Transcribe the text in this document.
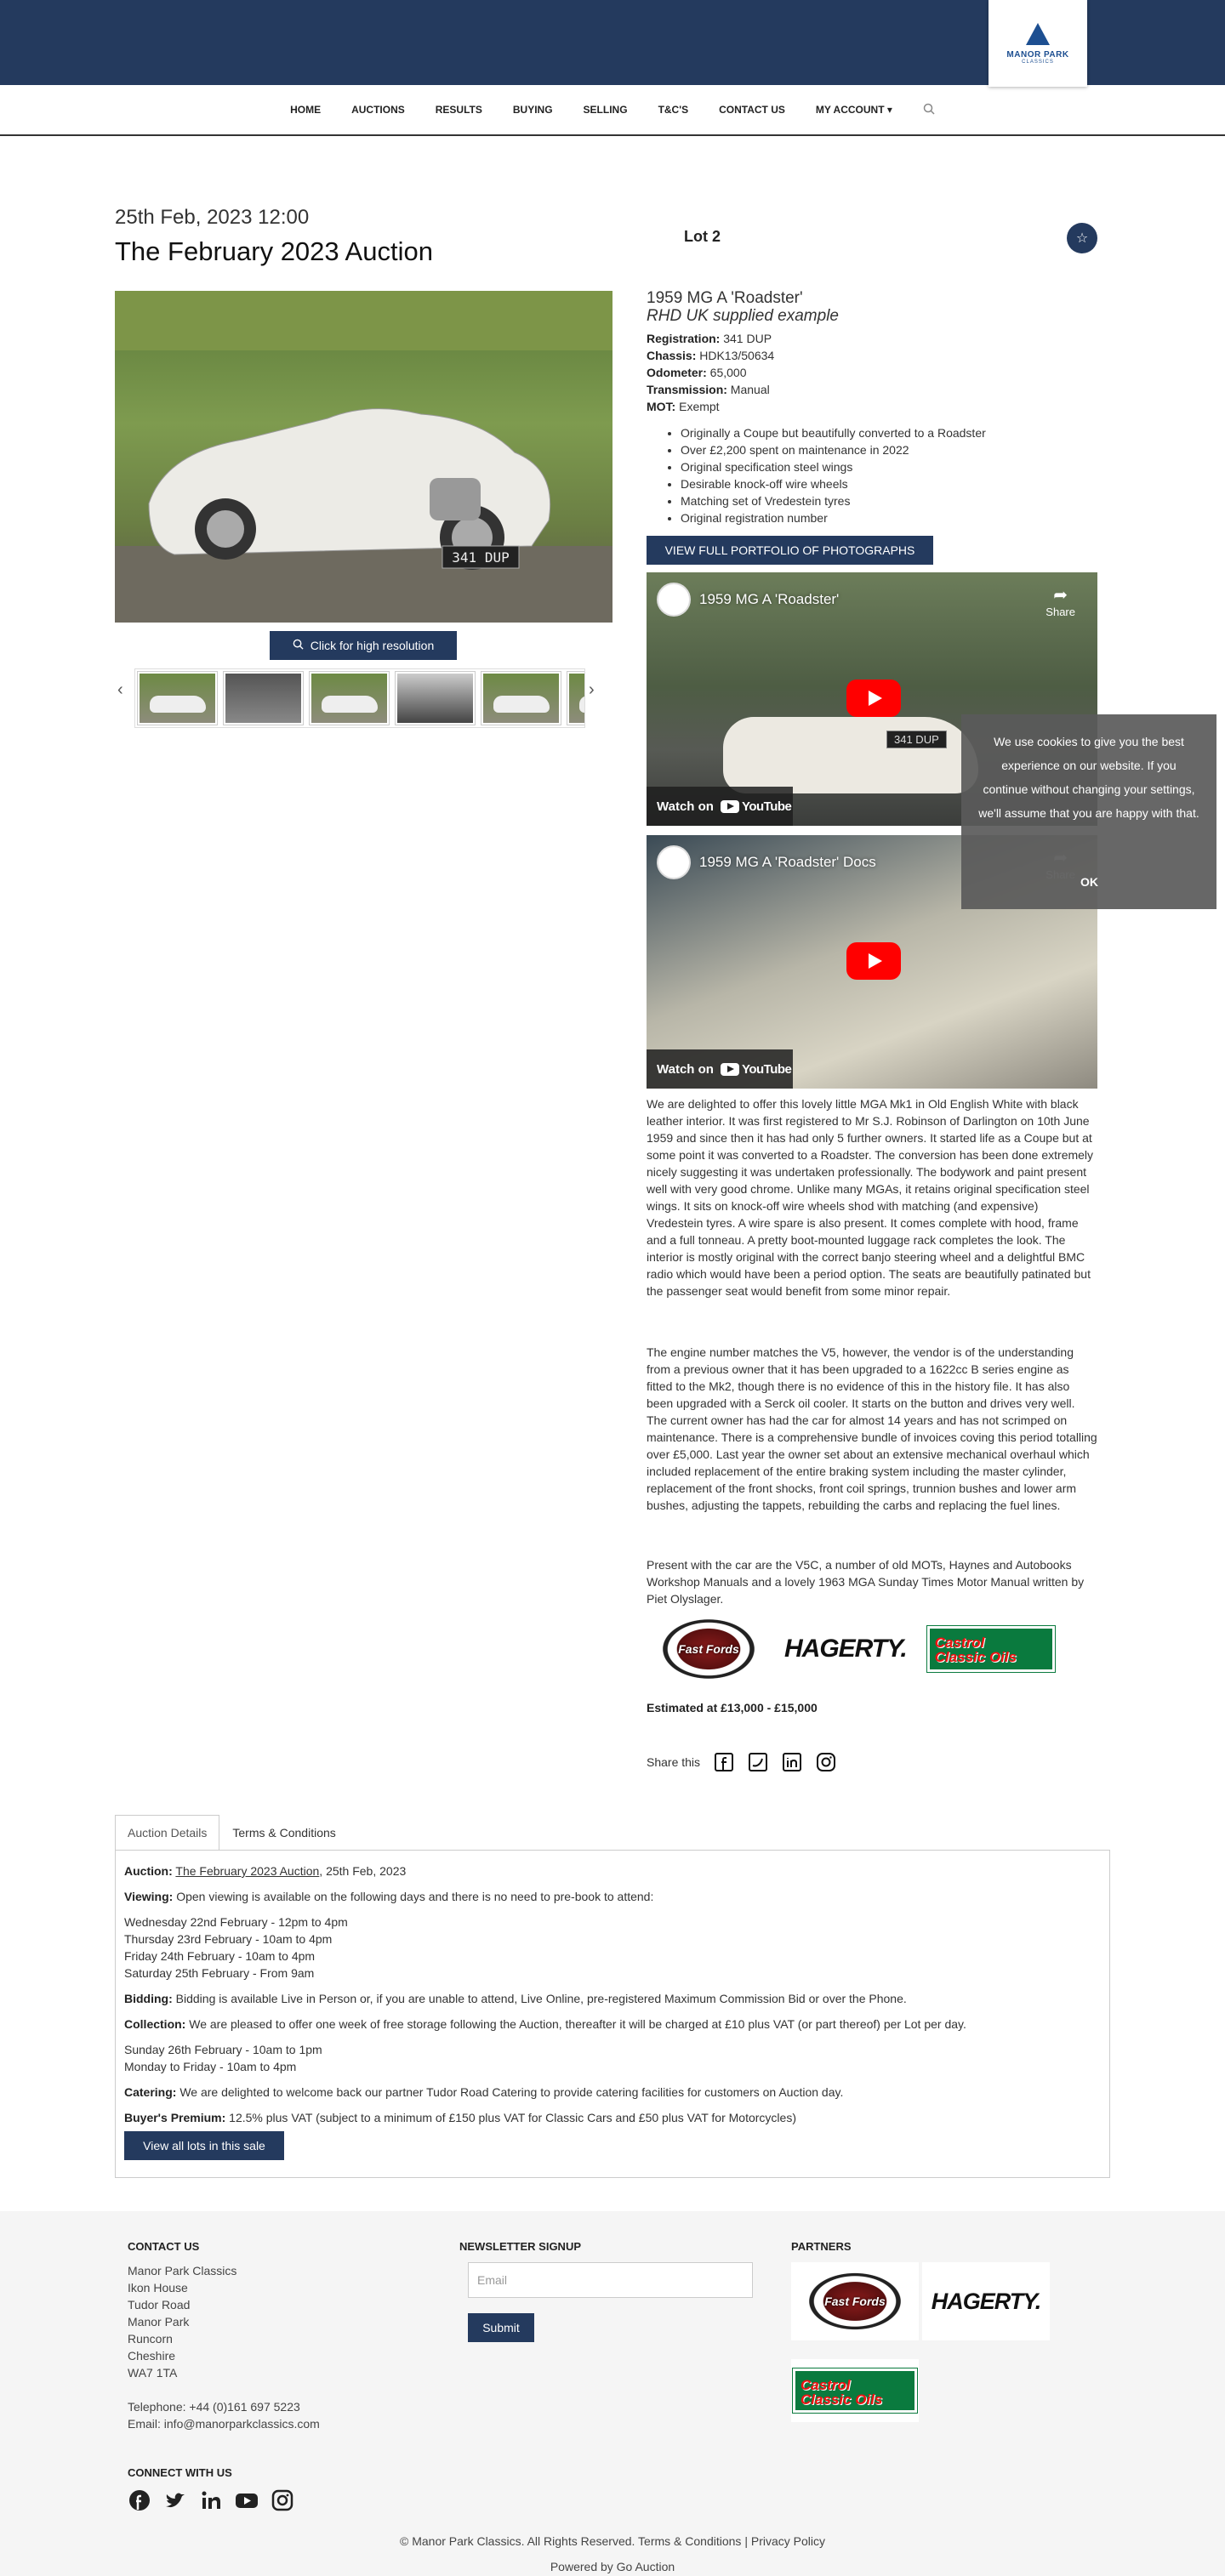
MANOR PARK
CLASSICS
HOME	AUCTIONS	RESULTS	BUYING	SELLING	T&C'S	CONTACT US	MY ACCOUNT ▾
25th Feb, 2023 12:00
The February 2023 Auction	Lot 2	☆
341 DUP
Click for high resolution
‹	›
1959 MG A 'Roadster'
RHD UK supplied example
Registration: 341 DUP
Chassis: HDK13/50634
Odometer: 65,000
Transmission: Manual
MOT: Exempt
• Originally a Coupe but beautifully converted to a Roadster
• Over £2,200 spent on maintenance in 2022
• Original specification steel wings
• Desirable knock-off wire wheels
• Matching set of Vredestein tyres
• Original registration number
VIEW FULL PORTFOLIO OF PHOTOGRAPHS
341 DUP
1959 MG A 'Roadster'	➦
Share
Watch on YouTube
1959 MG A 'Roadster' Docs
Watch on YouTube

We are delighted to offer this lovely little MGA Mk1 in Old English White with black leather interior. It was first registered to Mr S.J. Robinson of Darlington on 10th June 1959 and since then it has had only 5 further owners. It started life as a Coupe but at some point it was converted to a Roadster. The conversion has been done extremely nicely suggesting it was undertaken professionally. The bodywork and paint present well with very good chrome. Unlike many MGAs, it retains original specification steel wings. It sits on knock-off wire wheels shod with matching (and expensive) Vredestein tyres. A wire spare is also present. It comes complete with hood, frame and a full tonneau. A pretty boot-mounted luggage rack completes the look. The interior is mostly original with the correct banjo steering wheel and a delightful BMC radio which would have been a period option. The seats are beautifully patinated but the passenger seat would benefit from some minor repair.

The engine number matches the V5, however, the vendor is of the understanding from a previous owner that it has been upgraded to a 1622cc B series engine as fitted to the Mk2, though there is no evidence of this in the history file. It has also been upgraded with a Serck oil cooler. It starts on the button and drives very well. The current owner has had the car for almost 14 years and has not scrimped on maintenance. There is a comprehensive bundle of invoices coving this period totalling over £5,000. Last year the owner set about an extensive mechanical overhaul which included replacement of the entire braking system including the master cylinder, replacement of the front shocks, front coil springs, trunnion bushes and lower arm bushes, adjusting the tappets, rebuilding the carbs and replacing the fuel lines.

Present with the car are the V5C, a number of old MOTs, Haynes and Autobooks Workshop Manuals and a lovely 1963 MGA Sunday Times Motor Manual written by Piet Olyslager.

Fast Fords	HAGERTY. Castrol
Classic Oils
Estimated at £13,000 - £15,000
Share this
We use cookies to give you the best experience on our website. If you continue without changing your settings, we'll assume that you are happy with that.
OK
Auction Details	Terms & Conditions
Auction: The February 2023 Auction, 25th Feb, 2023
Viewing: Open viewing is available on the following days and there is no need to pre-book to attend:
Wednesday 22nd February - 12pm to 4pm
Thursday 23rd February - 10am to 4pm
Friday 24th February - 10am to 4pm
Saturday 25th February - From 9am
Bidding: Bidding is available Live in Person or, if you are unable to attend, Live Online, pre-registered Maximum Commission Bid or over the Phone.
Collection: We are pleased to offer one week of free storage following the Auction, thereafter it will be charged at £10 plus VAT (or part thereof) per Lot per day.
Sunday 26th February - 10am to 1pm
Monday to Friday - 10am to 4pm
Catering: We are delighted to welcome back our partner Tudor Road Catering to provide catering facilities for customers on Auction day.
Buyer's Premium: 12.5% plus VAT (subject to a minimum of £150 plus VAT for Classic Cars and £50 plus VAT for Motorcycles)
View all lots in this sale
CONTACT US
Manor Park Classics
Ikon House
Tudor Road
Manor Park
Runcorn
Cheshire
WA7 1TA
Telephone: +44 (0)161 697 5223
Email: info@manorparkclassics.com
NEWSLETTER SIGNUP
Email
Submit
PARTNERS
Fast Fords	HAGERTY.
Castrol
Classic Oils
CONNECT WITH US
© Manor Park Classics. All Rights Reserved. Terms & Conditions | Privacy Policy
Powered by Go Auction
